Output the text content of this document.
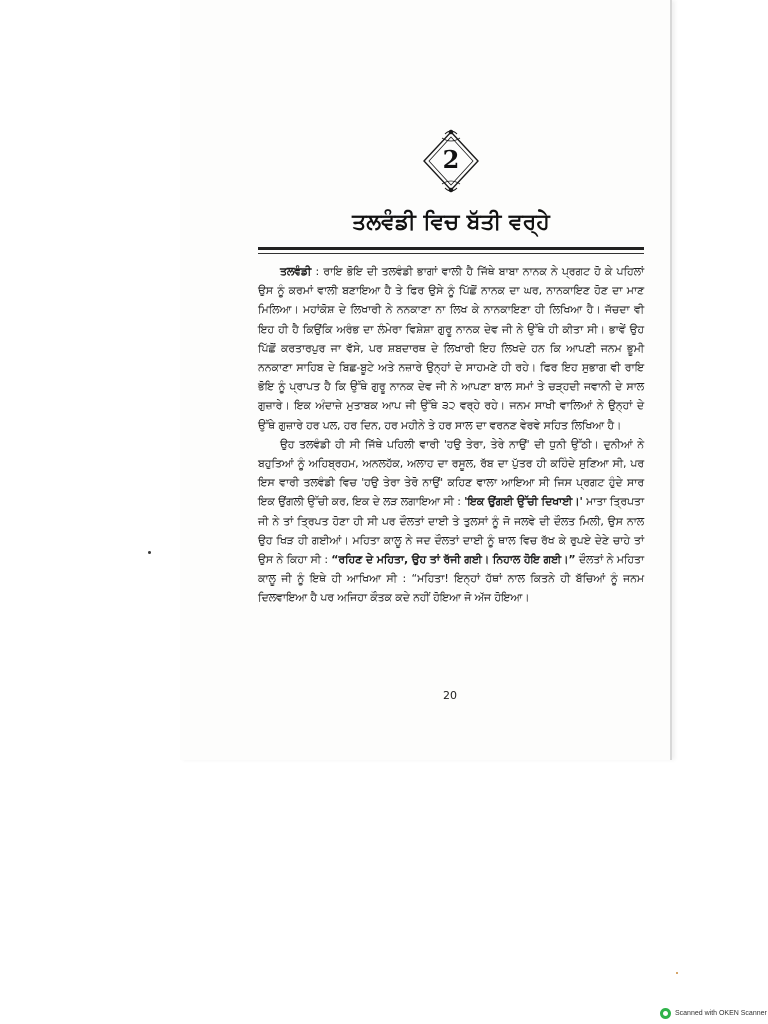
2
ਤਲਵੰਡੀ ਵਿਚ ਬੱਤੀ ਵਰ੍ਹੇ

ਤਲਵੰਡੀ : ਰਾਇ ਭੋਇ ਦੀ ਤਲਵੰਡੀ ਭਾਗਾਂ ਵਾਲੀ ਹੈ ਜਿੱਥੇ ਬਾਬਾ ਨਾਨਕ ਨੇ ਪ੍ਰਗਟ ਹੋ ਕੇ ਪਹਿਲਾਂ ਉਸ ਨੂੰ ਕਰਮਾਂ ਵਾਲੀ ਬਣਾਇਆ ਹੈ ਤੇ ਫਿਰ ਉਸੇ ਨੂੰ ਪਿੱਛੋਂ ਨਾਨਕ ਦਾ ਘਰ, ਨਾਨਕਾਇਣ ਹੋਣ ਦਾ ਮਾਣ ਮਿਲਿਆ। ਮਹਾਂਕੋਸ਼ ਦੇ ਲਿਖਾਰੀ ਨੇ ਨਨਕਾਣਾ ਨਾ ਲਿਖ ਕੇ ਨਾਨਕਾਇਣਾ ਹੀ ਲਿਖਿਆ ਹੈ। ਜੱਚਦਾ ਵੀ ਇਹ ਹੀ ਹੈ ਕਿਉਂਕਿ ਅਰੰਭ ਦਾ ਲੰਮੇਰਾ ਵਿਸ਼ੇਸ਼ਾ ਗੁਰੂ ਨਾਨਕ ਦੇਵ ਜੀ ਨੇ ਉੱਥੇ ਹੀ ਕੀਤਾ ਸੀ। ਭਾਵੇਂ ਉਹ ਪਿੱਛੋਂ ਕਰਤਾਰਪੁਰ ਜਾ ਵੱਸੇ, ਪਰ ਸ਼ਬਦਾਰਥ ਦੇ ਲਿਖਾਰੀ ਇਹ ਲਿਖਦੇ ਹਨ ਕਿ ਆਪਣੀ ਜਨਮ ਭੂਮੀ ਨਨਕਾਣਾ ਸਾਹਿਬ ਦੇ ਬਿਛ-ਬੂਟੇ ਅਤੇ ਨਜ਼ਾਰੇ ਉਨ੍ਹਾਂ ਦੇ ਸਾਹਮਣੇ ਹੀ ਰਹੇ। ਫਿਰ ਇਹ ਸੁਭਾਗ ਵੀ ਰਾਇ ਭੋਇ ਨੂੰ ਪ੍ਰਾਪਤ ਹੈ ਕਿ ਉੱਥੇ ਗੁਰੂ ਨਾਨਕ ਦੇਵ ਜੀ ਨੇ ਆਪਣਾ ਬਾਲ ਸਮਾਂ ਤੇ ਚੜ੍ਹਦੀ ਜਵਾਨੀ ਦੇ ਸਾਲ ਗੁਜ਼ਾਰੇ। ਇਕ ਅੰਦਾਜ਼ੇ ਮੁਤਾਬਕ ਆਪ ਜੀ ਉੱਥੇ ੩੨ ਵਰ੍ਹੇ ਰਹੇ। ਜਨਮ ਸਾਖੀ ਵਾਲਿਆਂ ਨੇ ਉਨ੍ਹਾਂ ਦੇ ਉੱਥੇ ਗੁਜ਼ਾਰੇ ਹਰ ਪਲ, ਹਰ ਦਿਨ, ਹਰ ਮਹੀਨੇ ਤੇ ਹਰ ਸਾਲ ਦਾ ਵਰਨਣ ਵੇਰਵੇ ਸਹਿਤ ਲਿਖਿਆ ਹੈ।

ਉਹ ਤਲਵੰਡੀ ਹੀ ਸੀ ਜਿੱਥੇ ਪਹਿਲੀ ਵਾਰੀ 'ਹਉ ਤੇਰਾ, ਤੇਰੇ ਨਾਉਂ' ਦੀ ਧੁਨੀ ਉੱਠੀ। ਦੁਨੀਆਂ ਨੇ ਬਹੁਤਿਆਂ ਨੂੰ ਅਹਿਬ੍ਰਹਮ, ਅਨਲਹੱਕ, ਅਲਾਹ ਦਾ ਰਸੂਲ, ਰੱਬ ਦਾ ਪੁੱਤਰ ਹੀ ਕਹਿੰਦੇ ਸੁਣਿਆ ਸੀ, ਪਰ ਇਸ ਵਾਰੀ ਤਲਵੰਡੀ ਵਿਚ 'ਹਉ ਤੇਰਾ ਤੇਰੋ ਨਾਉਂ' ਕਹਿਣ ਵਾਲਾ ਆਇਆ ਸੀ ਜਿਸ ਪ੍ਰਗਟ ਹੁੰਦੇ ਸਾਰ ਇਕ ਉਂਗਲੀ ਉੱਚੀ ਕਰ, ਇਕ ਦੇ ਲੜ ਲਗਾਇਆ ਸੀ : 'ਇਕ ਉਂਗਈ ਉੱਚੀ ਦਿਖਾਈ।' ਮਾਤਾ ਤ੍ਰਿਪਤਾ ਜੀ ਨੇ ਤਾਂ ਤ੍ਰਿਪਤ ਹੋਣਾ ਹੀ ਸੀ ਪਰ ਦੌਲਤਾਂ ਦਾਈ ਤੇ ਤੁਲਸਾਂ ਨੂੰ ਜੋ ਜਲਵੇ ਦੀ ਦੌਲਤ ਮਿਲੀ, ਉਸ ਨਾਲ ਉਹ ਖਿੜ ਹੀ ਗਈਆਂ। ਮਹਿਤਾ ਕਾਲੂ ਨੇ ਜਦ ਦੌਲਤਾਂ ਦਾਈ ਨੂੰ ਥਾਲ ਵਿਚ ਰੱਖ ਕੇ ਰੁਪਏ ਦੇਣੇ ਚਾਹੇ ਤਾਂ ਉਸ ਨੇ ਕਿਹਾ ਸੀ : “ਰਹਿਣ ਦੇ ਮਹਿਤਾ, ਉਹ ਤਾਂ ਰੱਜੀ ਗਈ। ਨਿਹਾਲ ਹੋਇ ਗਈ।” ਦੌਲਤਾਂ ਨੇ ਮਹਿਤਾ ਕਾਲੂ ਜੀ ਨੂੰ ਇਥੇ ਹੀ ਆਖਿਆ ਸੀ : “ਮਹਿਤਾ! ਇਨ੍ਹਾਂ ਹੱਥਾਂ ਨਾਲ ਕਿਤਨੇ ਹੀ ਬੱਚਿਆਂ ਨੂੰ ਜਨਮ ਦਿਲਵਾਇਆ ਹੈ ਪਰ ਅਜਿਹਾ ਕੌਤਕ ਕਦੇ ਨਹੀਂ ਹੋਇਆ ਜੋ ਅੱਜ ਹੋਇਆ।

20
Scanned with OKEN Scanner
